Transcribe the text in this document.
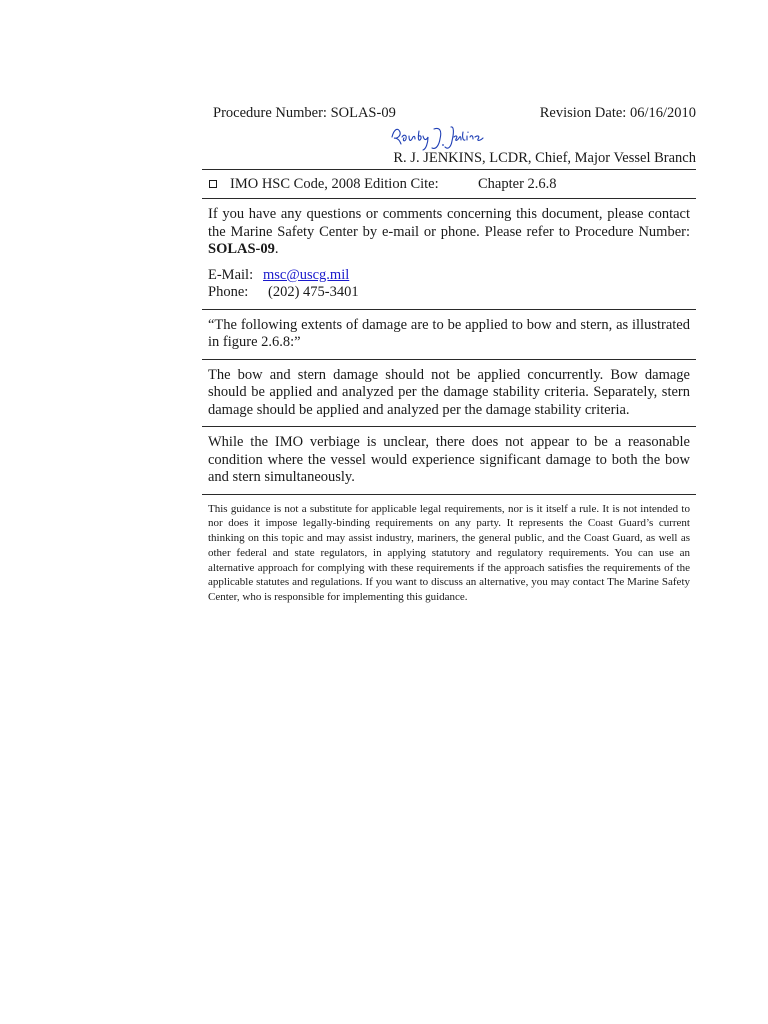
Procedure Number: SOLAS-09	Revision Date: 06/16/2010
R. J. JENKINS, LCDR, Chief, Major Vessel Branch
IMO HSC Code, 2008 Edition Cite:	Chapter 2.6.8

If you have any questions or comments concerning this document, please contact the Marine Safety Center by e-mail or phone. Please refer to Procedure Number: SOLAS-09.

E-Mail: msc@uscg.mil
Phone:	(202) 475-3401

“The following extents of damage are to be applied to bow and stern, as illustrated in figure 2.6.8:”

The bow and stern damage should not be applied concurrently. Bow damage should be applied and analyzed per the damage stability criteria. Separately, stern damage should be applied and analyzed per the damage stability criteria.

While the IMO verbiage is unclear, there does not appear to be a reasonable condition where the vessel would experience significant damage to both the bow and stern simultaneously.

This guidance is not a substitute for applicable legal requirements, nor is it itself a rule. It is not intended to nor does it impose legally-binding requirements on any party. It represents the Coast Guard’s current thinking on this topic and may assist industry, mariners, the general public, and the Coast Guard, as well as other federal and state regulators, in applying statutory and regulatory requirements. You can use an alternative approach for complying with these requirements if the approach satisfies the requirements of the applicable statutes and regulations. If you want to discuss an alternative, you may contact The Marine Safety Center, who is responsible for implementing this guidance.
